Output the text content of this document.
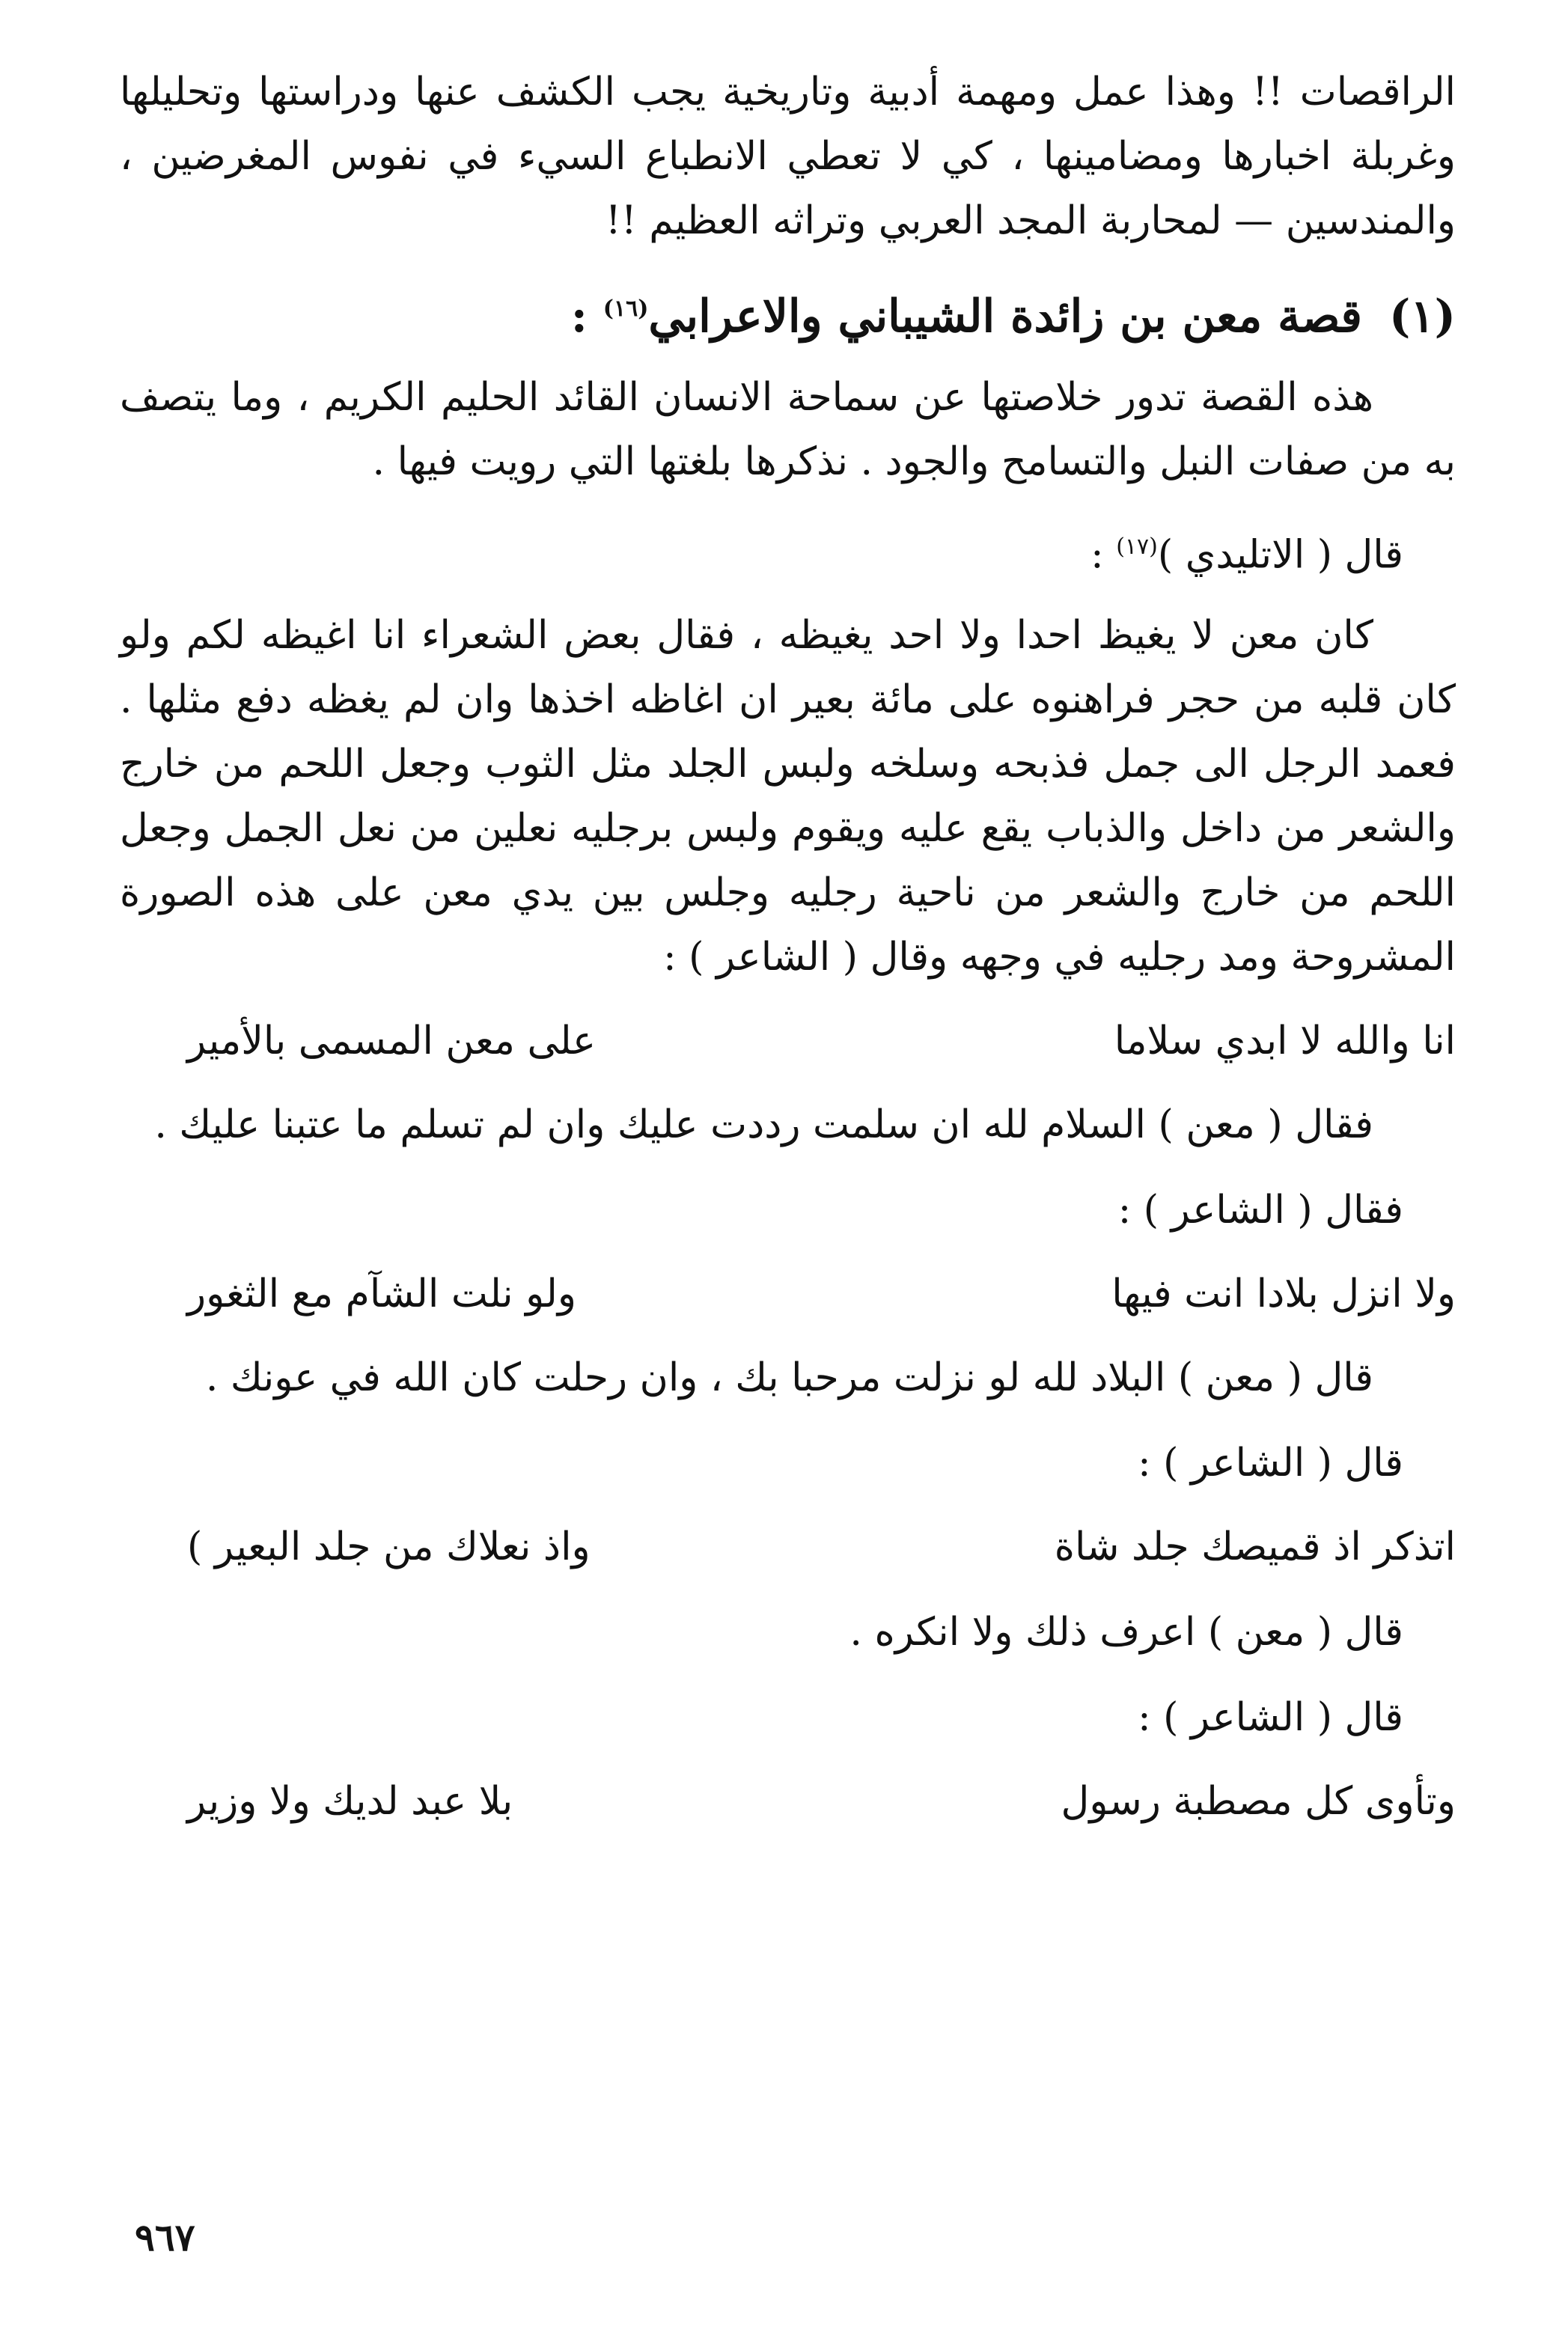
الراقصات !! وهذا عمل ومهمة أدبية وتاريخية يجب الكشف عنها ودراستها وتحليلها وغربلة اخبارها ومضامينها ، كي لا تعطي الانطباع السيء في نفوس المغرضين ، والمندسين — لمحاربة المجد العربي وتراثه العظيم !!

(١)قصة معن بن زائدة الشيباني والاعرابي$^{(١٦)}$ :

هذه القصة تدور خلاصتها عن سماحة الانسان القائد الحليم الكريم ، وما يتصف به من صفات النبل والتسامح والجود . نذكرها بلغتها التي رويت فيها .

قال ( الاتليدي )$^{(١٧)}$ :

كان معن لا يغيظ احدا ولا احد يغيظه ، فقال بعض الشعراء انا اغيظه لكم ولو كان قلبه من حجر فراهنوه على مائة بعير ان اغاظه اخذها وان لم يغظه دفع مثلها . فعمد الرجل الى جمل فذبحه وسلخه ولبس الجلد مثل الثوب وجعل اللحم من خارج والشعر من داخل والذباب يقع عليه ويقوم ولبس برجليه نعلين من نعل الجمل وجعل اللحم من خارج والشعر من ناحية رجليه وجلس بين يدي معن على هذه الصورة المشروحة ومد رجليه في وجهه وقال ( الشاعر ) :

انا والله لا ابدي سلاما
على معن المسمى بالأمير

فقال ( معن ) السلام لله ان سلمت رددت عليك وان لم تسلم ما عتبنا عليك .

فقال ( الشاعر ) :
ولا انزل بلادا انت فيها
ولو نلت الشآم مع الثغور

قال ( معن ) البلاد لله لو نزلت مرحبا بك ، وان رحلت كان الله في عونك .

قال ( الشاعر ) :
اتذكر اذ قميصك جلد شاة
واذ نعلاك من جلد البعير )
قال ( معن ) اعرف ذلك ولا انكره .
قال ( الشاعر ) :
وتأوى كل مصطبة رسول
بلا عبد لديك ولا وزير
٩٦٧
